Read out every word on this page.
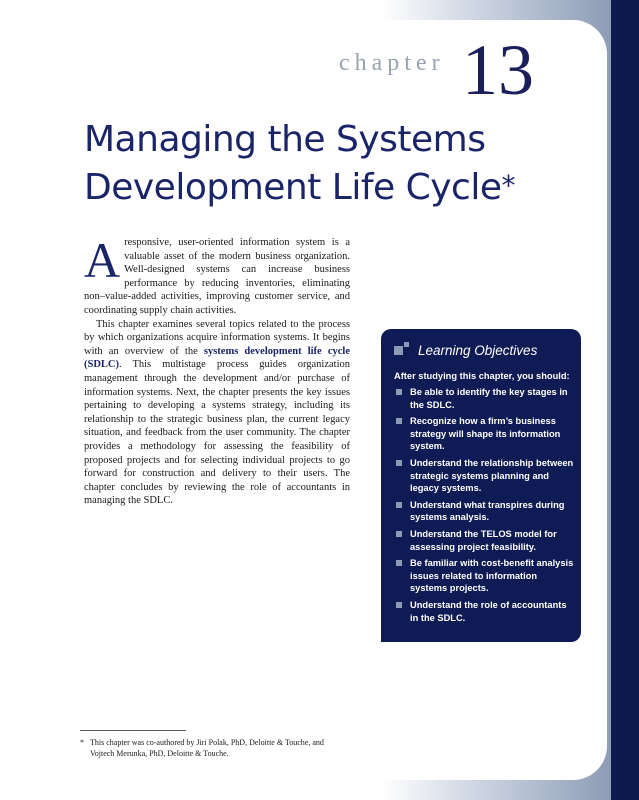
chapter 13
Managing the Systems
Development Life Cycle*

Aresponsive, user-oriented information system is a valuable asset of the modern business organization. Well-designed systems can increase business performance by reducing inventories, eliminating non–value-added activities, improving customer service, and coordinating supply chain activities.

This chapter examines several topics related to the process by which organizations acquire information systems. It begins with an overview of the systems development life cycle (SDLC). This multistage process guides organization management through the development and/or purchase of information systems. Next, the chapter presents the key issues pertaining to developing a systems strategy, including its relationship to the strategic business plan, the current legacy situation, and feedback from the user community. The chapter provides a methodology for assessing the feasibility of proposed projects and for selecting individual projects to go forward for construction and delivery to their users. The chapter concludes by reviewing the role of accountants in managing the SDLC.

Learning Objectives
After studying this chapter, you should:
Be able to identify the key stages in the SDLC.
Recognize how a firm’s business strategy will shape its information system.
Understand the relationship between strategic systems planning and legacy systems.
Understand what transpires during systems analysis.
Understand the TELOS model for assessing project feasibility.
Be familiar with cost-benefit analysis issues related to information systems projects.
Understand the role of accountants in the SDLC.
* This chapter was co-authored by Jiri Polak, PhD, Deloitte & Touche, and
Vojtech Merunka, PhD, Deloitte & Touche.
